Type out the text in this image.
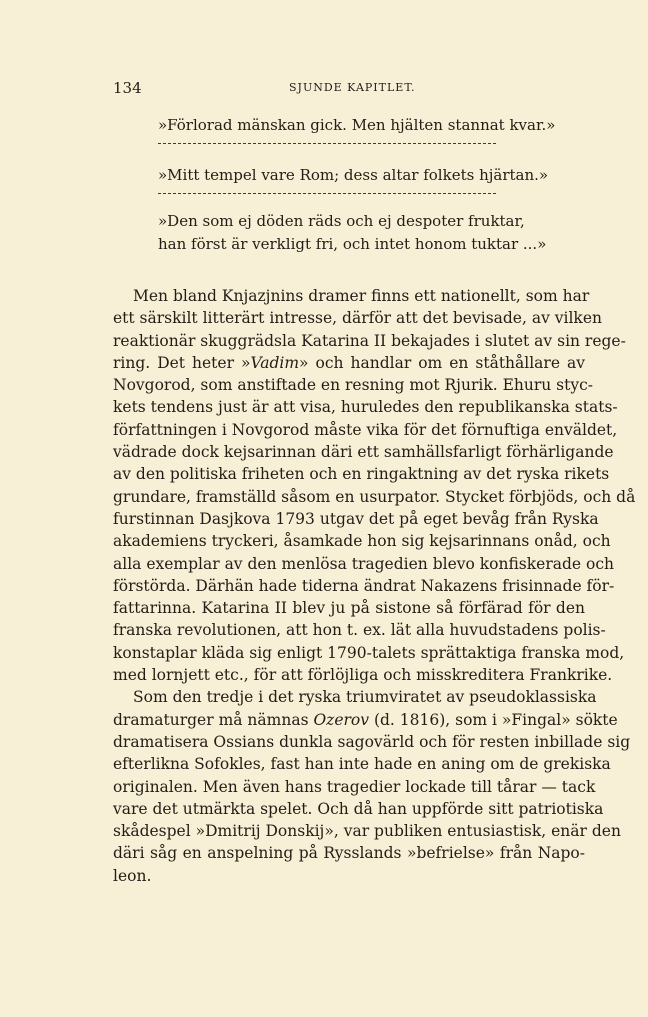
134	SJUNDE KAPITLET.
»Förlorad mänskan gick. Men hjälten stannat kvar.»
»Mitt tempel vare Rom; dess altar folkets hjärtan.»
»Den som ej döden räds och ej despoter fruktar,
han först är verkligt fri, och intet honom tuktar ...»
Men bland Knjazjnins dramer finns ett nationellt, som har
ett särskilt litterärt intresse, därför att det bevisade, av vilken
reaktionär skuggrädsla Katarina II bekajades i slutet av sin rege-
ring. Det heter »Vadim» och handlar om en ståthållare av
Novgorod, som anstiftade en resning mot Rjurik. Ehuru styc-
kets tendens just är att visa, huruledes den republikanska stats-
författningen i Novgorod måste vika för det förnuftiga enväldet,
vädrade dock kejsarinnan däri ett samhällsfarligt förhärligande
av den politiska friheten och en ringaktning av det ryska rikets
grundare, framställd såsom en usurpator. Stycket förbjöds, och då
furstinnan Dasjkova 1793 utgav det på eget bevåg från Ryska
akademiens tryckeri, åsamkade hon sig kejsarinnans onåd, och
alla exemplar av den menlösa tragedien blevo konfiskerade och
förstörda. Därhän hade tiderna ändrat Nakazens frisinnade för-
fattarinna. Katarina II blev ju på sistone så förfärad för den
franska revolutionen, att hon t. ex. lät alla huvudstadens polis-
konstaplar kläda sig enligt 1790-talets sprättaktiga franska mod,
med lornjett etc., för att förlöjliga och misskreditera Frankrike.
Som den tredje i det ryska triumviratet av pseudoklassiska
dramaturger må nämnas Ozerov (d. 1816), som i »Fingal» sökte
dramatisera Ossians dunkla sagovärld och för resten inbillade sig
efterlikna Sofokles, fast han inte hade en aning om de grekiska
originalen. Men även hans tragedier lockade till tårar — tack
vare det utmärkta spelet. Och då han uppförde sitt patriotiska
skådespel »Dmitrij Donskij», var publiken entusiastisk, enär den
däri såg en anspelning på Rysslands »befrielse» från Napo-
leon.
